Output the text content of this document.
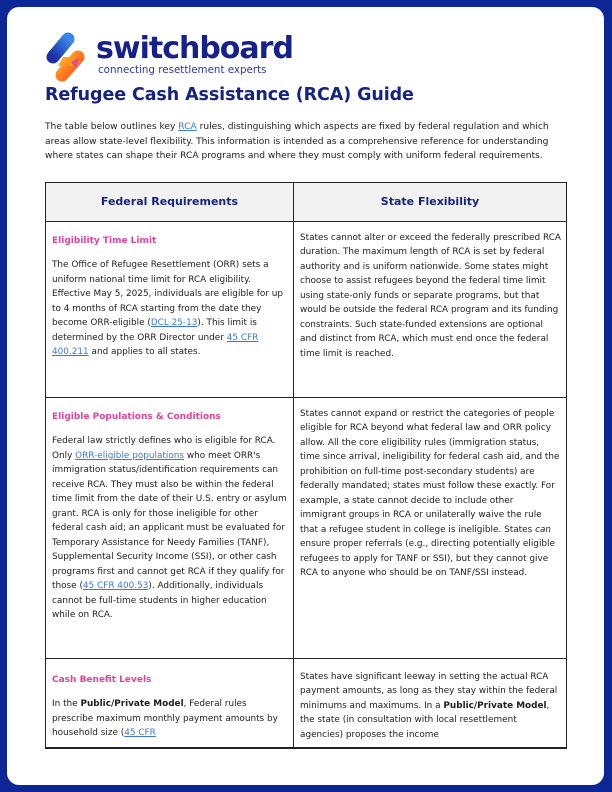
switchboard
connecting resettlement experts
Refugee Cash Assistance (RCA) Guide

The table below outlines key RCA rules, distinguishing which aspects are fixed by federal regulation and which areas allow state-level flexibility. This information is intended as a comprehensive reference for understanding where states can shape their RCA programs and where they must comply with uniform federal requirements.

Federal Requirements	State Flexibility
Eligibility Time Limit

The Office of Refugee Resettlement (ORR) sets a uniform national time limit for RCA eligibility. Effective May 5, 2025, individuals are eligible for up to 4 months of RCA starting from the date they become ORR-eligible (DCL 25-13). This limit is determined by the ORR Director under 45 CFR 400.211 and applies to all states.

States cannot alter or exceed the federally prescribed RCA duration. The maximum length of RCA is set by federal authority and is uniform nationwide. Some states might choose to assist refugees beyond the federal time limit using state-only funds or separate programs, but that would be outside the federal RCA program and its funding constraints. Such state-funded extensions are optional and distinct from RCA, which must end once the federal time limit is reached.

Eligible Populations & Conditions

Federal law strictly defines who is eligible for RCA. Only ORR-eligible populations who meet ORR's immigration status/identification requirements can receive RCA. They must also be within the federal time limit from the date of their U.S. entry or asylum grant. RCA is only for those ineligible for other federal cash aid; an applicant must be evaluated for Temporary Assistance for Needy Families (TANF), Supplemental Security Income (SSI), or other cash programs first and cannot get RCA if they qualify for those (45 CFR 400.53). Additionally, individuals cannot be full-time students in higher education while on RCA.

States cannot expand or restrict the categories of people eligible for RCA beyond what federal law and ORR policy allow. All the core eligibility rules (immigration status, time since arrival, ineligibility for federal cash aid, and the prohibition on full-time post-secondary students) are federally mandated; states must follow these exactly. For example, a state cannot decide to include other immigrant groups in RCA or unilaterally waive the rule that a refugee student in college is ineligible. States can ensure proper referrals (e.g., directing potentially eligible refugees to apply for TANF or SSI), but they cannot give RCA to anyone who should be on TANF/SSI instead.

Cash Benefit Levels

In the Public/Private Model, Federal rules prescribe maximum monthly payment amounts by household size (45 CFR

States have significant leeway in setting the actual RCA payment amounts, as long as they stay within the federal minimums and maximums. In a Public/Private Model, the state (in consultation with local resettlement agencies) proposes the income
